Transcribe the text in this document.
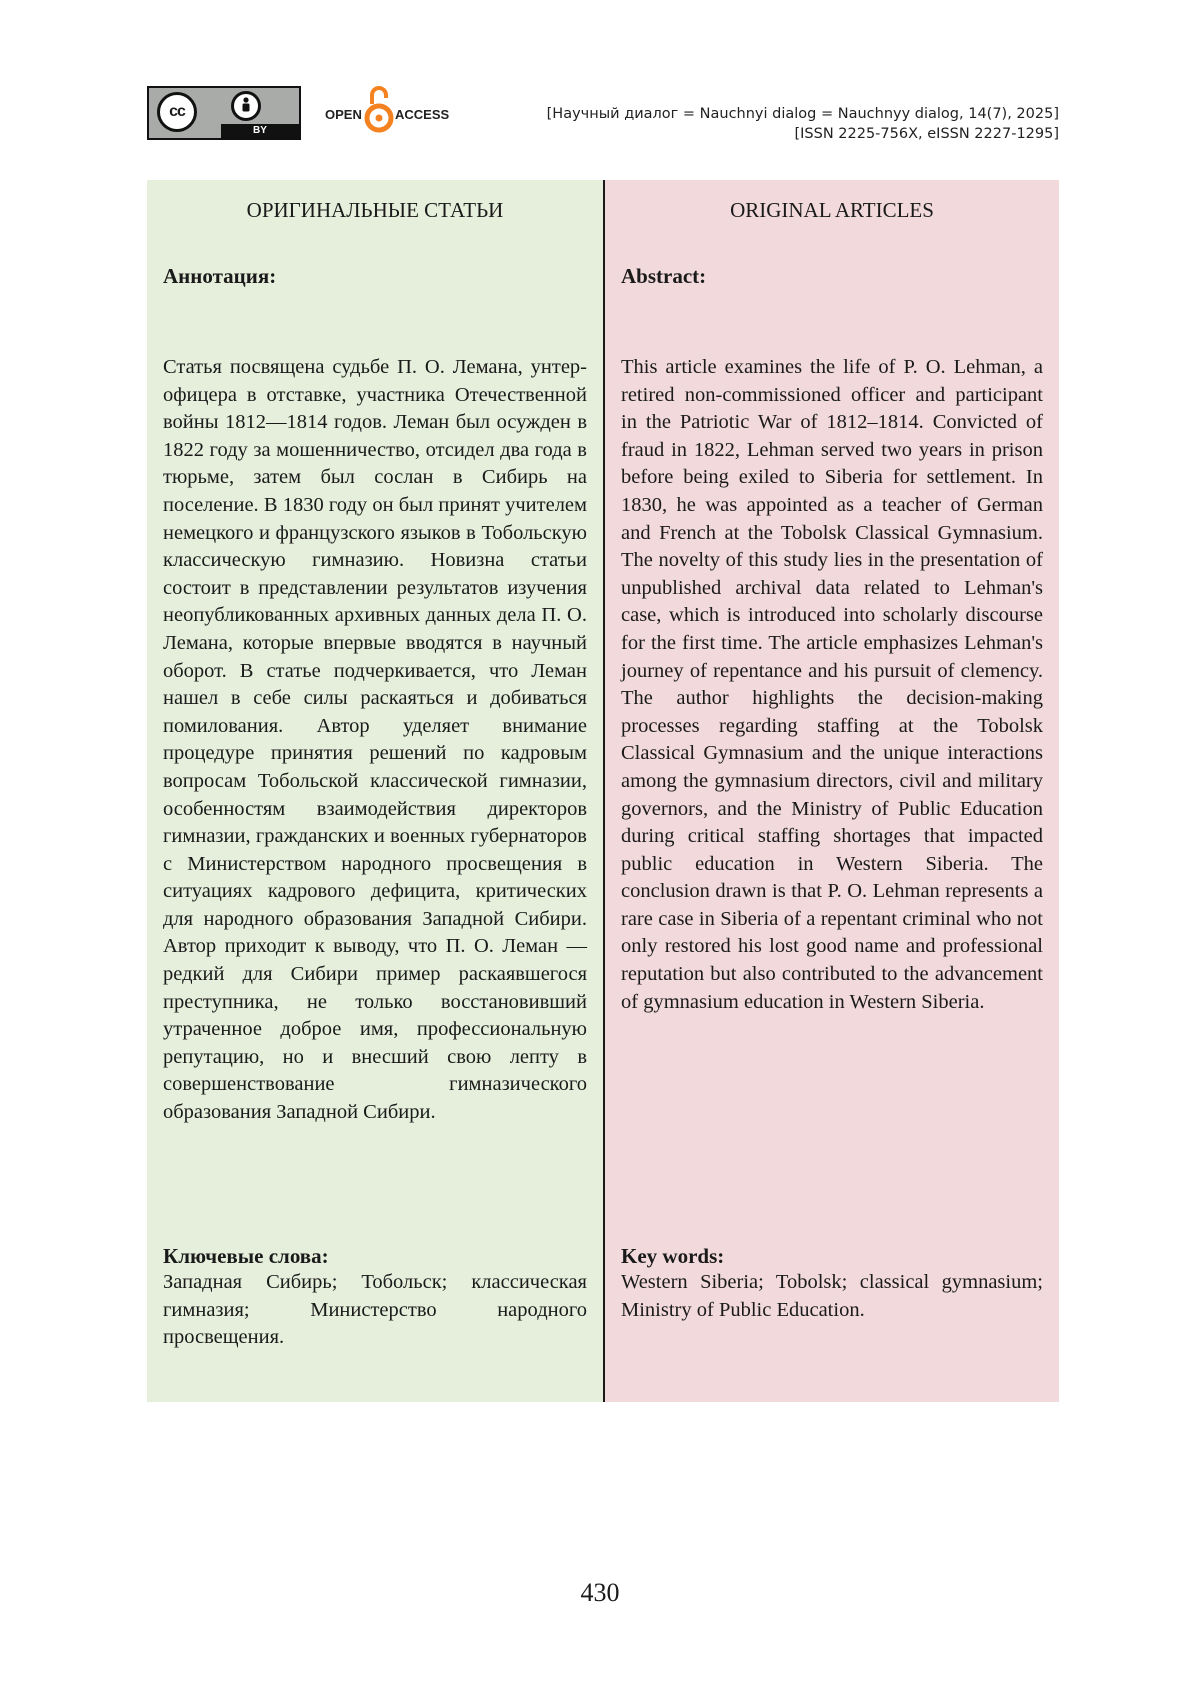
cc
BY
OPEN	ACCESS	[Научный диалог = Nauchnyi dialog = Nauchnyy dialog, 14(7), 2025]
[ISSN 2225-756X, eISSN 2227-1295]

ОРИГИНАЛЬНЫЕ СТАТЬИ

Аннотация:

Статья посвящена судьбе П. О. Лемана, унтер-офицера в отставке, участника Отечественной войны 1812—1814 годов. Леман был осужден в 1822 году за мошенничество, отсидел два года в тюрьме, затем был сослан в Сибирь на поселение. В 1830 году он был принят учителем немецкого и французского языков в Тобольскую классическую гимназию. Новизна статьи состоит в представлении результатов изучения неопубликованных архивных данных дела П. О. Лемана, которые впервые вводятся в научный оборот. В статье подчеркивается, что Леман нашел в себе силы раскаяться и добиваться помилования. Автор уделяет внимание процедуре принятия решений по кадровым вопросам Тобольской классической гимназии, особенностям взаимодействия директоров гимназии, гражданских и военных губернаторов с Министерством народного просвещения в ситуациях кадрового дефицита, критических для народного образования Западной Сибири. Автор приходит к выводу, что П. О. Леман — редкий для Сибири пример раскаявшегося преступника, не только восстановивший утраченное доброе имя, профессиональную репутацию, но и внесший свою лепту в совершенствование гимназического образования Западной Сибири.

Ключевые слова:

Западная Сибирь; Тобольск; классическая гимназия; Министерство народного просвещения.

ORIGINAL ARTICLES

Abstract:

This article examines the life of P. O. Lehman, a retired non-commissioned officer and participant in the Patriotic War of 1812–1814. Convicted of fraud in 1822, Lehman served two years in prison before being exiled to Siberia for settlement. In 1830, he was appointed as a teacher of German and French at the Tobolsk Classical Gymnasium. The novelty of this study lies in the presentation of unpublished archival data related to Lehman's case, which is introduced into scholarly discourse for the first time. The article emphasizes Lehman's journey of repentance and his pursuit of clemency. The author highlights the decision-making processes regarding staffing at the Tobolsk Classical Gymnasium and the unique interactions among the gymnasium directors, civil and military governors, and the Ministry of Public Education during critical staffing shortages that impacted public education in Western Siberia. The conclusion drawn is that P. O. Lehman represents a rare case in Siberia of a repentant criminal who not only restored his lost good name and professional reputation but also contributed to the advancement of gymnasium education in Western Siberia.

Key words:

Western Siberia; Tobolsk; classical gymnasium; Ministry of Public Education.

430
